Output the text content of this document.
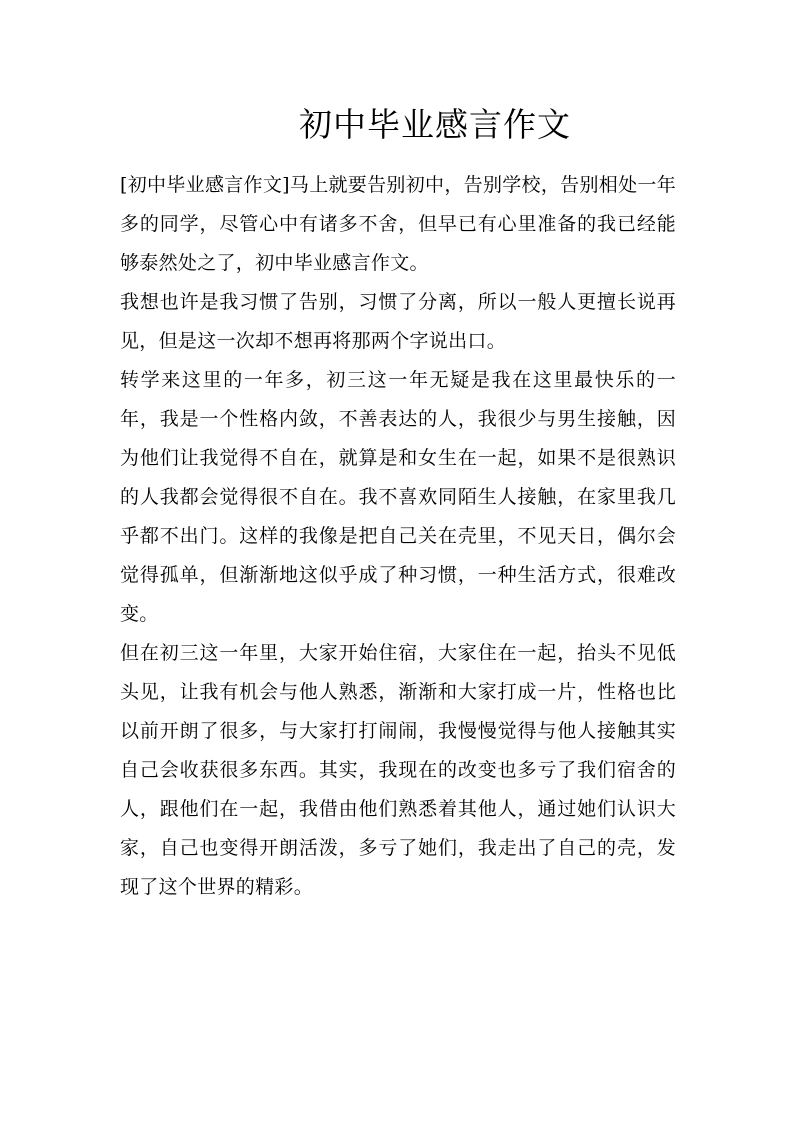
初中毕业感言作文

[初中毕业感言作文]马上就要告别初中，告别学校，告别相处一年多的同学，尽管心中有诸多不舍，但早已有心里准备的我已经能够泰然处之了，初中毕业感言作文。

我想也许是我习惯了告别，习惯了分离，所以一般人更擅长说再见，但是这一次却不想再将那两个字说出口。

转学来这里的一年多，初三这一年无疑是我在这里最快乐的一年，我是一个性格内敛，不善表达的人，我很少与男生接触，因为他们让我觉得不自在，就算是和女生在一起，如果不是很熟识的人我都会觉得很不自在。我不喜欢同陌生人接触，在家里我几乎都不出门。这样的我像是把自己关在壳里，不见天日，偶尔会觉得孤单，但渐渐地这似乎成了种习惯，一种生活方式，很难改变。

但在初三这一年里，大家开始住宿，大家住在一起，抬头不见低头见，让我有机会与他人熟悉，渐渐和大家打成一片，性格也比以前开朗了很多，与大家打打闹闹，我慢慢觉得与他人接触其实自己会收获很多东西。其实，我现在的改变也多亏了我们宿舍的人，跟他们在一起，我借由他们熟悉着其他人，通过她们认识大家，自己也变得开朗活泼，多亏了她们，我走出了自己的壳，发现了这个世界的精彩。
